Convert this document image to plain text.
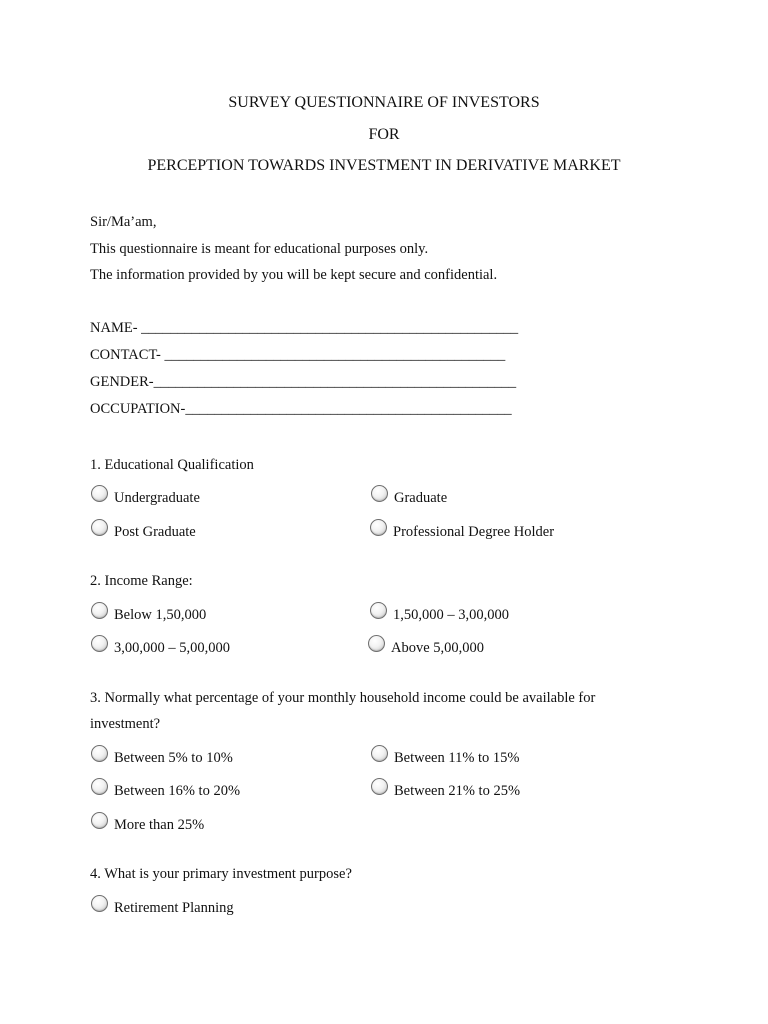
SURVEY QUESTIONNAIRE OF INVESTORS
FOR
PERCEPTION TOWARDS INVESTMENT IN DERIVATIVE MARKET
Sir/Ma’am,
This questionnaire is meant for educational purposes only.
The information provided by you will be kept secure and confidential.
NAME- ____________________________________________________
CONTACT- _______________________________________________
GENDER-__________________________________________________
OCCUPATION-_____________________________________________
1. Educational Qualification
Undergraduate	Graduate
Post Graduate	Professional Degree Holder
2. Income Range:
Below 1,50,000	1,50,000 – 3,00,000
3,00,000 – 5,00,000	Above 5,00,000
3. Normally what percentage of your monthly household income could be available for
investment?
Between 5% to 10%	Between 11% to 15%
Between 16% to 20%	Between 21% to 25%
More than 25%
4. What is your primary investment purpose?
Retirement Planning
